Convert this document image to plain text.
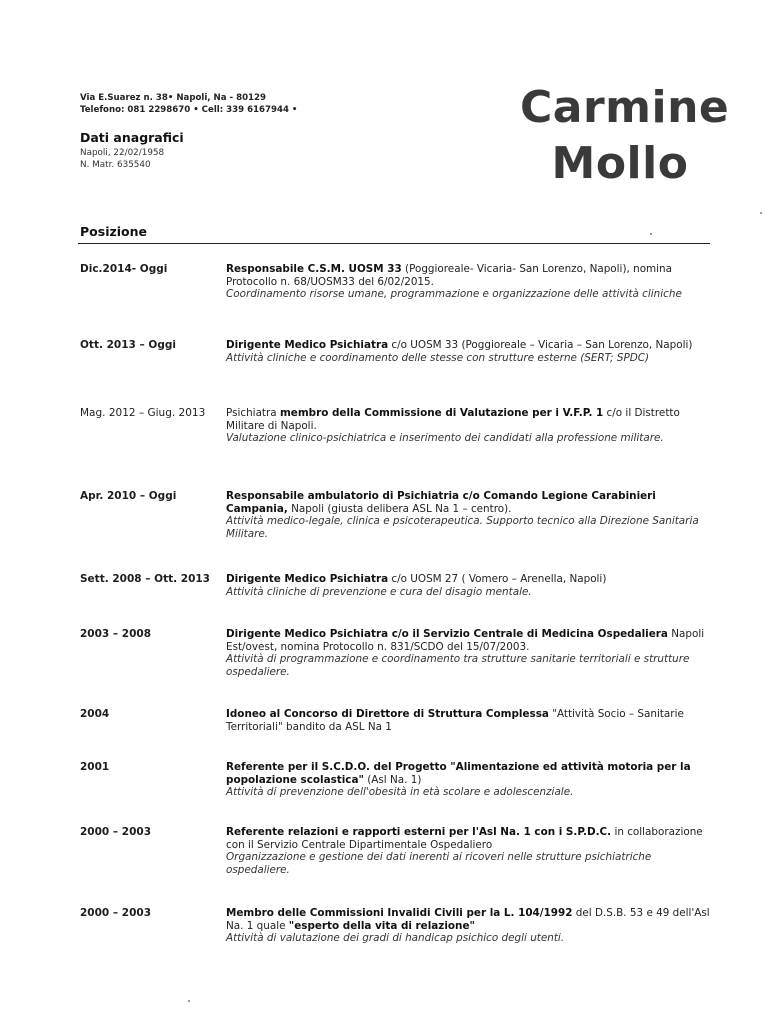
Via E.Suarez n. 38• Napoli, Na - 80129
Telefono: 081 2298670 • Cell: 339 6167944 •	Carmine
Mollo
Dati anagrafici
Napoli, 22/02/1958
N. Matr. 635540
Posizione
Dic.2014- Oggi	Responsabile C.S.M. UOSM 33 (Poggioreale- Vicaria- San Lorenzo, Napoli), nomina Protocollo n. 68/UOSM33 del 6/02/2015.
Coordinamento risorse umane, programmazione e organizzazione delle attività cliniche
Ott. 2013 – Oggi	Dirigente Medico Psichiatra c/o UOSM 33 (Poggioreale – Vicaria – San Lorenzo, Napoli)
Attività cliniche e coordinamento delle stesse con strutture esterne (SERT; SPDC)
Mag. 2012 – Giug. 2013	Psichiatra membro della Commissione di Valutazione per i V.F.P. 1 c/o il Distretto Militare di Napoli.
Valutazione clinico-psichiatrica e inserimento dei candidati alla professione militare.
Apr. 2010 – Oggi	Responsabile ambulatorio di Psichiatria c/o Comando Legione Carabinieri Campania, Napoli (giusta delibera ASL Na 1 – centro).
Attività medico-legale, clinica e psicoterapeutica. Supporto tecnico alla Direzione Sanitaria Militare.
Sett. 2008 – Ott. 2013	Dirigente Medico Psichiatra c/o UOSM 27 ( Vomero – Arenella, Napoli)
Attività cliniche di prevenzione e cura del disagio mentale.
2003 – 2008	Dirigente Medico Psichiatra c/o il Servizio Centrale di Medicina Ospedaliera Napoli Est/ovest, nomina Protocollo n. 831/SCDO del 15/07/2003.
Attività di programmazione e coordinamento tra strutture sanitarie territoriali e strutture ospedaliere.
2004	Idoneo al Concorso di Direttore di Struttura Complessa "Attività Socio – Sanitarie Territoriali" bandito da ASL Na 1
2001	Referente per il S.C.D.O. del Progetto "Alimentazione ed attività motoria per la popolazione scolastica" (Asl Na. 1)
Attività di prevenzione dell'obesità in età scolare e adolescenziale.
2000 – 2003	Referente relazioni e rapporti esterni per l'Asl Na. 1 con i S.P.D.C. in collaborazione con il Servizio Centrale Dipartimentale Ospedaliero
Organizzazione e gestione dei dati inerenti ai ricoveri nelle strutture psichiatriche ospedaliere.
2000 – 2003	Membro delle Commissioni Invalidi Civili per la L. 104/1992 del D.S.B. 53 e 49 dell'Asl Na. 1 quale "esperto della vita di relazione"
Attività di valutazione dei gradi di handicap psichico degli utenti.
